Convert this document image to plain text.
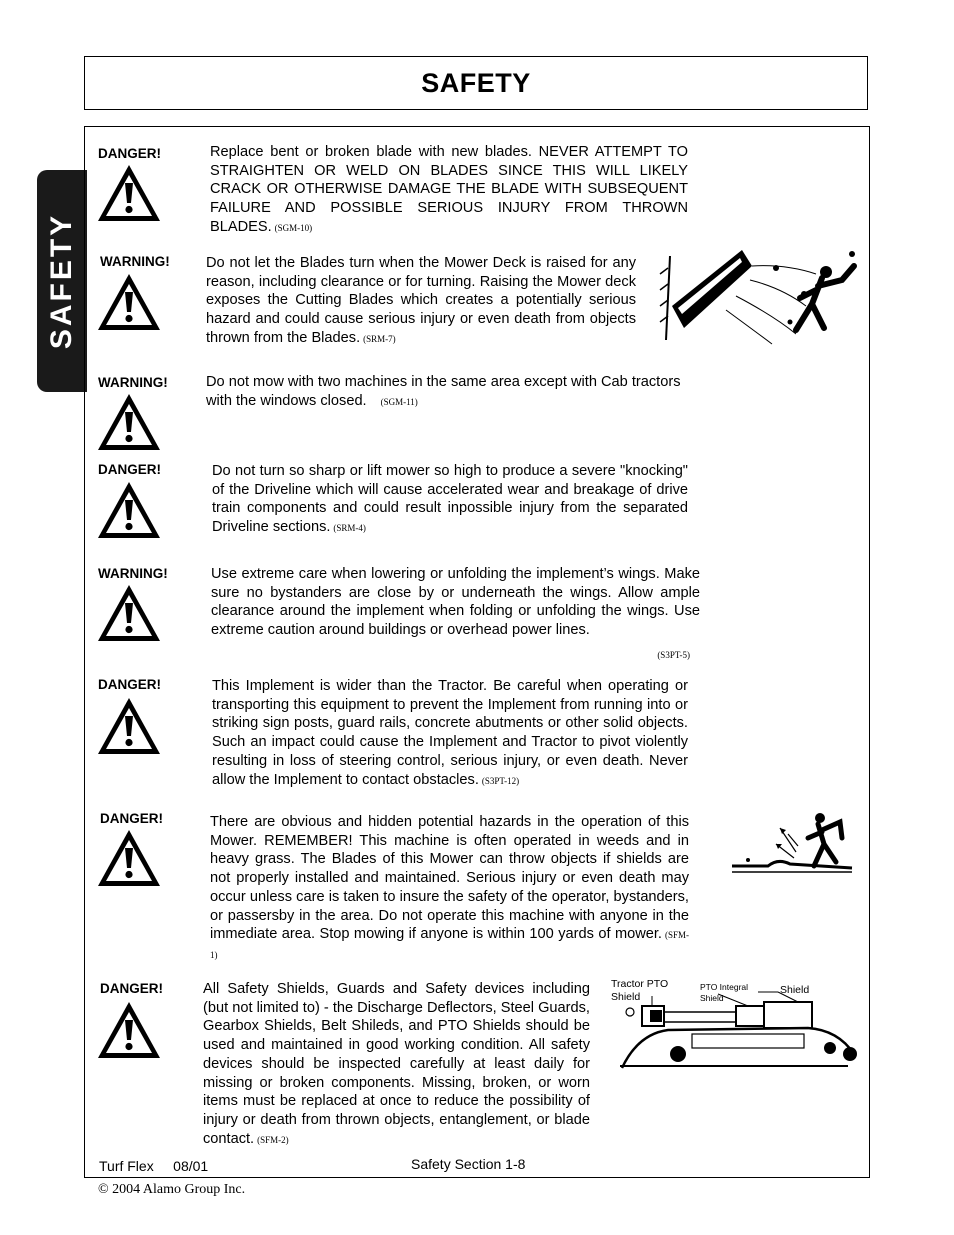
SAFETY
SAFETY
DANGER!	Replace bent or broken blade with new blades. NEVER ATTEMPT TO STRAIGHTEN OR WELD ON BLADES SINCE THIS WILL LIKELY CRACK OR OTHERWISE DAMAGE THE BLADE WITH SUBSEQUENT FAILURE AND POSSIBLE SERIOUS INJURY FROM THROWN BLADES. (SGM-10)
WARNING! Do not let the Blades turn when the Mower Deck is raised for any reason, including clearance or for turning. Raising the Mower deck exposes the Cutting Blades which creates a potentially serious hazard and could cause serious injury or even death from objects thrown from the Blades. (SRM-7)
WARNING!	Do not mow with two machines in the same area except with Cab tractors with the windows closed. (SGM-11)
DANGER!	Do not turn so sharp or lift mower so high to produce a severe "knocking" of the Driveline which will cause accelerated wear and breakage of drive train components and could result inpossible injury from the separated Driveline sections. (SRM-4)
WARNING!	Use extreme care when lowering or unfolding the implement’s wings. Make sure no bystanders are close by or underneath the wings. Allow ample clearance around the implement when folding or unfolding the wings. Use extreme caution around buildings or overhead power lines.
(S3PT-5)
DANGER!	This Implement is wider than the Tractor. Be careful when operating or transporting this equipment to prevent the Implement from running into or striking sign posts, guard rails, concrete abutments or other solid objects. Such an impact could cause the Implement and Tractor to pivot violently resulting in loss of steering control, serious injury, or even death. Never allow the Implement to contact obstacles. (S3PT-12)
DANGER!	There are obvious and hidden potential hazards in the operation of this Mower. REMEMBER! This machine is often operated in weeds and in heavy grass. The Blades of this Mower can throw objects if shields are not properly installed and maintained. Serious injury or even death may occur unless care is taken to insure the safety of the operator, bystanders, or passersby in the area. Do not operate this machine with anyone in the immediate area. Stop mowing if anyone is within 100 yards of mower. (SFM-1)
DANGER!	All Safety Shields, Guards and Safety devices including (but not limited to) - the Discharge Deflectors, Steel Guards, Gearbox Shields, Belt Shileds, and PTO Shields should be used and maintained in good working condition. All safety devices should be inspected carefully at least daily for missing or broken components. Missing, broken, or worn items must be replaced at once to reduce the possibility of injury or death from thrown objects, entanglement, or blade contact. (SFM-2)
Tractor PTO Shield
PTO Integral Shield
Shield
Turf Flex 08/01	Safety Section 1-8
© 2004 Alamo Group Inc.
